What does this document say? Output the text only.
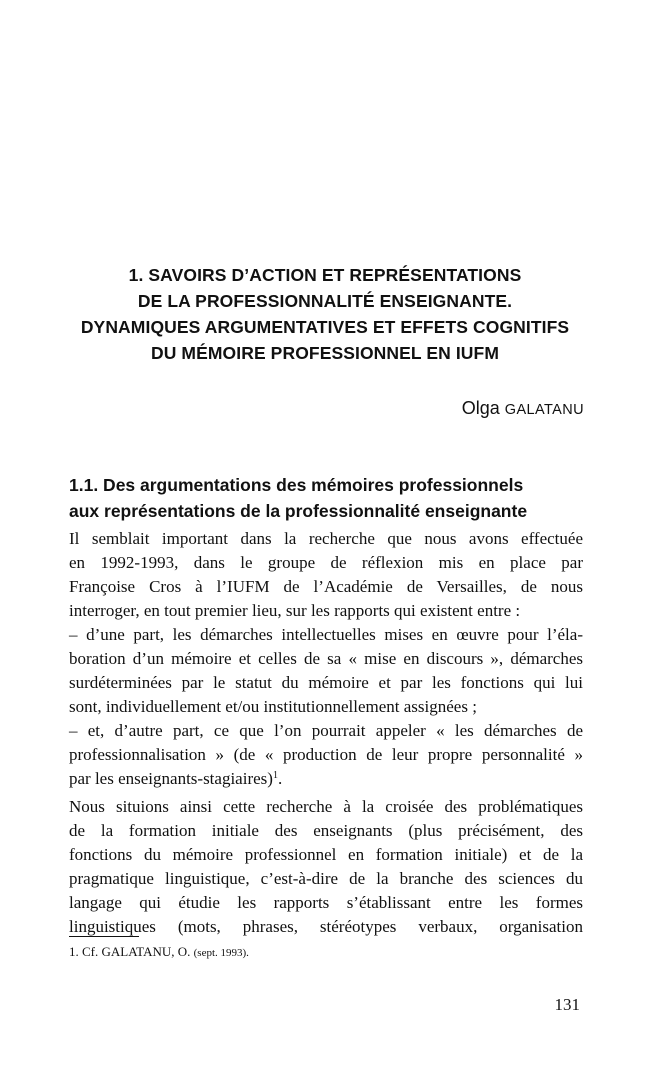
1. SAVOIRS D’ACTION ET REPRÉSENTATIONS
DE LA PROFESSIONNALITÉ ENSEIGNANTE.
DYNAMIQUES ARGUMENTATIVES ET EFFETS COGNITIFS
DU MÉMOIRE PROFESSIONNEL EN IUFM
Olga GALATANU
1.1. Des argumentations des mémoires professionnels
aux représentations de la professionnalité enseignante
Il semblait important dans la recherche que nous avons effectuée
en 1992-1993, dans le groupe de réflexion mis en place par
Françoise Cros à l’IUFM de l’Académie de Versailles, de nous
interroger, en tout premier lieu, sur les rapports qui existent entre :
– d’une part, les démarches intellectuelles mises en œuvre pour l’éla-
boration d’un mémoire et celles de sa « mise en discours », démarches
surdéterminées par le statut du mémoire et par les fonctions qui lui
sont, individuellement et/ou institutionnellement assignées ;
– et, d’autre part, ce que l’on pourrait appeler « les démarches de
professionnalisation » (de « production de leur propre personnalité »
par les enseignants-stagiaires)$^1$.
Nous situions ainsi cette recherche à la croisée des problématiques
de la formation initiale des enseignants (plus précisément, des
fonctions du mémoire professionnel en formation initiale) et de la
pragmatique linguistique, c’est-à-dire de la branche des sciences du
langage qui étudie les rapports s’établissant entre les formes
linguistiques (mots, phrases, stéréotypes verbaux, organisation
1. Cf. GALATANU, O. (sept. 1993).
131
